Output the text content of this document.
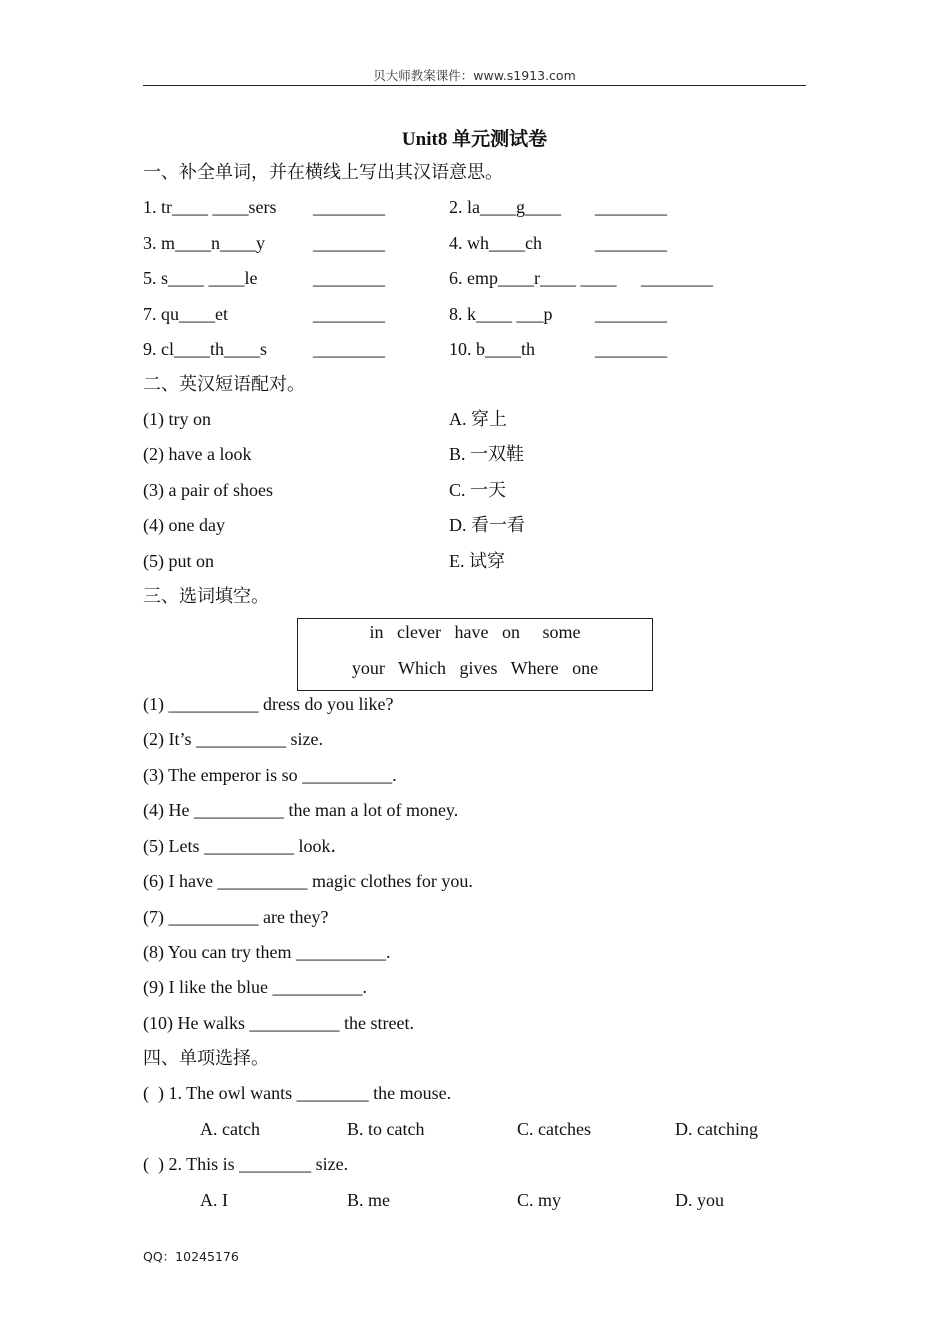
贝大师教案课件：www.s1913.com
Unit8 单元测试卷
一、补全单词，并在横线上写出其汉语意思。
1. tr____ ____sers ________	2. la____g____ ________
3. m____n____y	________	4. wh____ch	________
5. s____ ____le	________	6. emp____r____ ____ ________
7. qu____et	________	8. k____ ___p ________
9. cl____th____s	________	10. b____th	________
二、英汉短语配对。
(1) try on	A. 穿上
(2) have a look	B. 一双鞋
(3) a pair of shoes	C. 一天
(4) one day	D. 看一看
(5) put on	E. 试穿
三、选词填空。
in   clever   have   on     some
your   Which   gives   Where   one
(1) __________ dress do you like?
(2) It’s __________ size.
(3) The emperor is so __________.
(4) He __________ the man a lot of money.
(5) Lets __________ look．
(6) I have __________ magic clothes for you.
(7) __________ are they?
(8) You can try them __________.
(9) I like the blue __________.
(10) He walks __________ the street.
四、单项选择。
(  ) 1. The owl wants ________ the mouse.
A. catch	B. to catch	C. catches	D. catching
(  ) 2. This is ________ size.
A. I	B. me	C. my	D. you
QQ：10245176
